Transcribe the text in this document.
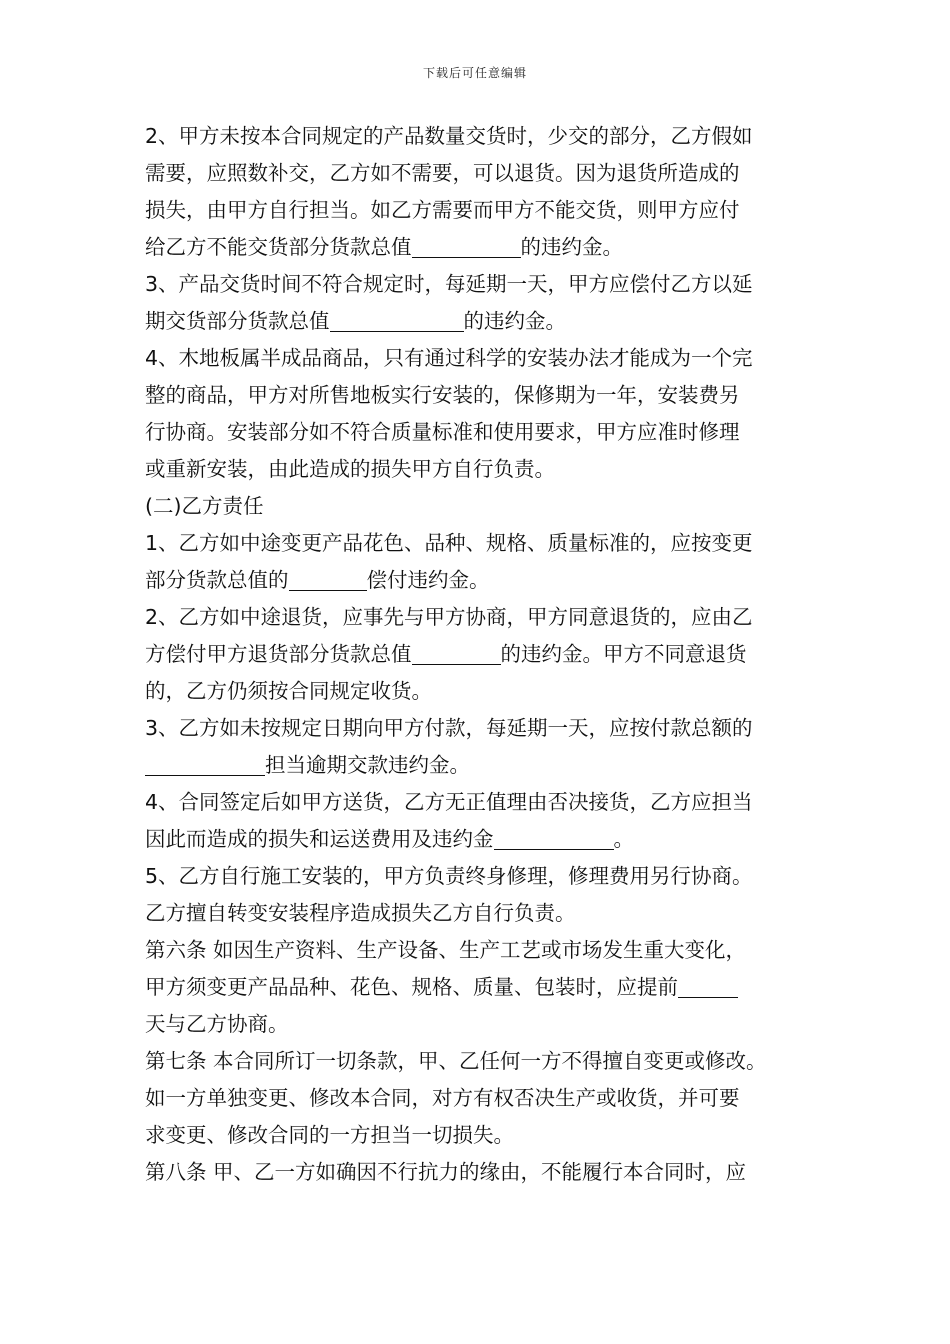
下载后可任意编辑
2、甲方未按本合同规定的产品数量交货时，少交的部分，乙方假如
需要，应照数补交，乙方如不需要，可以退货。因为退货所造成的
损失，由甲方自行担当。如乙方需要而甲方不能交货，则甲方应付
给乙方不能交货部分货款总值	的违约金。
3、产品交货时间不符合规定时，每延期一天，甲方应偿付乙方以延
期交货部分货款总值	的违约金。
4、木地板属半成品商品，只有通过科学的安装办法才能成为一个完
整的商品，甲方对所售地板实行安装的，保修期为一年，安装费另
行协商。安装部分如不符合质量标准和使用要求，甲方应准时修理
或重新安装，由此造成的损失甲方自行负责。
(二)乙方责任
1、乙方如中途变更产品花色、品种、规格、质量标准的，应按变更
部分货款总值的	偿付违约金。
2、乙方如中途退货，应事先与甲方协商，甲方同意退货的，应由乙
方偿付甲方退货部分货款总值	的违约金。甲方不同意退货
的，乙方仍须按合同规定收货。
3、乙方如未按规定日期向甲方付款，每延期一天，应按付款总额的
担当逾期交款违约金。
4、合同签定后如甲方送货，乙方无正值理由否决接货，乙方应担当
因此而造成的损失和运送费用及违约金	。
5、乙方自行施工安装的，甲方负责终身修理，修理费用另行协商。
乙方擅自转变安装程序造成损失乙方自行负责。
第六条 如因生产资料、生产设备、生产工艺或市场发生重大变化，
甲方须变更产品品种、花色、规格、质量、包装时，应提前
天与乙方协商。
第七条 本合同所订一切条款，甲、乙任何一方不得擅自变更或修改。
如一方单独变更、修改本合同，对方有权否决生产或收货，并可要
求变更、修改合同的一方担当一切损失。
第八条 甲、乙一方如确因不行抗力的缘由，不能履行本合同时，应
